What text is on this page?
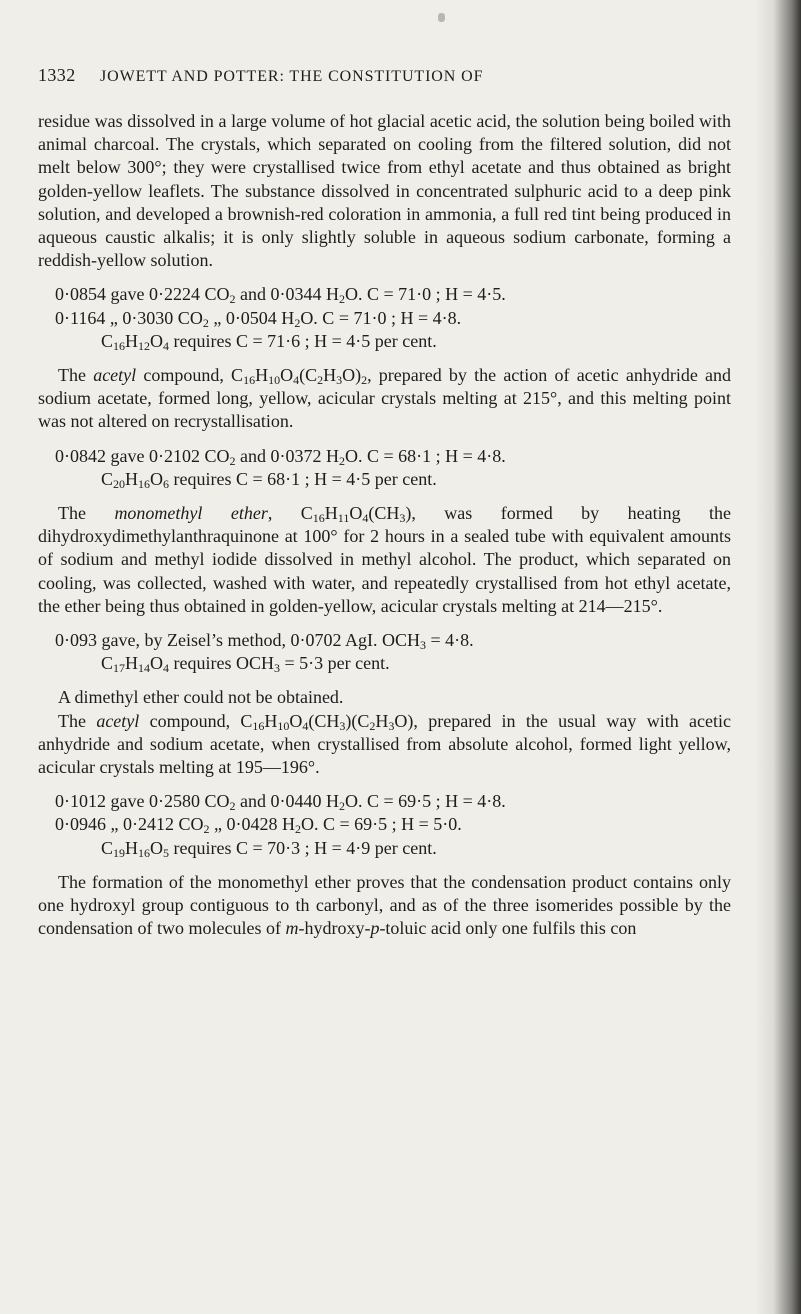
1332 JOWETT AND POTTER: THE CONSTITUTION OF

residue was dissolved in a large volume of hot glacial acetic acid, the solution being boiled with animal charcoal. The crystals, which separated on cooling from the filtered solution, did not melt below 300°; they were crystallised twice from ethyl acetate and thus obtained as bright golden-yellow leaflets. The substance dissolved in concentrated sulphuric acid to a deep pink solution, and developed a brownish-red coloration in ammonia, a full red tint being produced in aqueous caustic alkalis; it is only slightly soluble in aqueous sodium carbonate, forming a reddish-yellow solution.

0·0854 gave 0·2224 $CO_2$ and 0·0344 $H_2O$. C = 71·0 ; H = 4·5.

0·1164 „ 0·3030 $CO_2$ „ 0·0504 $H_2O$. C = 71·0 ; H = 4·8.

$C_{16}H_{12}O_4$ requires C = 71·6 ; H = 4·5 per cent.

The acetyl compound, $C_{16}H_{10}O_4(C_2H_3O)_2$, prepared by the action of acetic anhydride and sodium acetate, formed long, yellow, acicular crystals melting at 215°, and this melting point was not altered on recrystallisation.

0·0842 gave 0·2102 $CO_2$ and 0·0372 $H_2O$. C = 68·1 ; H = 4·8.

$C_{20}H_{16}O_6$ requires C = 68·1 ; H = 4·5 per cent.

The monomethyl ether, $C_{16}H_{11}O_4(CH_3)$, was formed by heating the dihydroxydimethylanthraquinone at 100° for 2 hours in a sealed tube with equivalent amounts of sodium and methyl iodide dissolved in methyl alcohol. The product, which separated on cooling, was collected, washed with water, and repeatedly crystallised from hot ethyl acetate, the ether being thus obtained in golden-yellow, acicular crystals melting at 214—215°.

0·093 gave, by Zeisel’s method, 0·0702 AgI. $OCH_3 = 4\cdot 8$.

$C_{17}H_{14}O_4$ requires $OCH_3 = 5\cdot 3$ per cent.

A dimethyl ether could not be obtained.

The acetyl compound, $C_{16}H_{10}O_4(CH_3)(C_2H_3O)$, prepared in the usual way with acetic anhydride and sodium acetate, when crystallised from absolute alcohol, formed light yellow, acicular crystals melting at 195—196°.

0·1012 gave 0·2580 $CO_2$ and 0·0440 $H_2O$. C = 69·5 ; H = 4·8.

0·0946 „ 0·2412 $CO_2$ „ 0·0428 $H_2O$. C = 69·5 ; H = 5·0.

$C_{19}H_{16}O_5$ requires C = 70·3 ; H = 4·9 per cent.

The formation of the monomethyl ether proves that the condensation product contains only one hydroxyl group contiguous to th carbonyl, and as of the three isomerides possible by the condensation of two molecules of m-hydroxy-p-toluic acid only one fulfils this con
